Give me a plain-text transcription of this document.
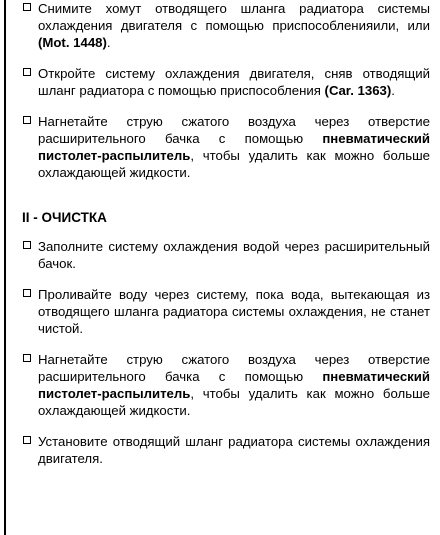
Снимите хомут отводящего шланга радиатора системы охлаждения двигателя с помощью приспособленияили, или (Mot. 1448).
Откройте систему охлаждения двигателя, сняв отводящий шланг радиатора с помощью приспособления (Car. 1363).
Нагнетайте струю сжатого воздуха через отверстие расширительного бачка с помощью пневматический пистолет-распылитель, чтобы удалить как можно больше охлаждающей жидкости.
II - ОЧИСТКА
Заполните систему охлаждения водой через расширительный бачок.
Проливайте воду через систему, пока вода, вытекающая из отводящего шланга радиатора системы охлаждения, не станет чистой.
Нагнетайте струю сжатого воздуха через отверстие расширительного бачка с помощью пневматический пистолет-распылитель, чтобы удалить как можно больше охлаждающей жидкости.
Установите отводящий шланг радиатора системы охлаждения двигателя.
